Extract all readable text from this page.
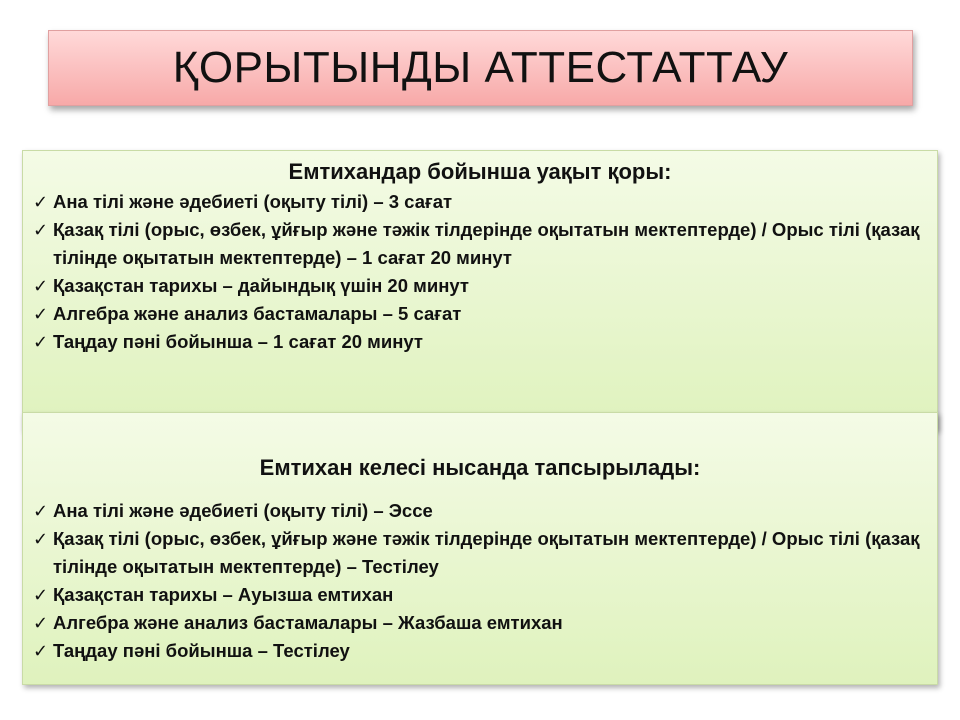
ҚОРЫТЫНДЫ АТТЕСТАТТАУ
Емтихандар бойынша уақыт қоры:
✓ Ана тілі және әдебиеті (оқыту тілі) – 3 сағат
✓ Қазақ тілі (орыс, өзбек, ұйғыр және тәжік тілдерінде оқытатын мектептерде) / Орыс тілі (қазақ тілінде оқытатын мектептерде) – 1 сағат 20 минут
✓ Қазақстан тарихы – дайындық үшін 20 минут
✓ Алгебра және анализ бастамалары – 5 сағат
✓ Таңдау пәні бойынша – 1 сағат 20 минут
Емтихан келесі нысанда тапсырылады:
✓ Ана тілі және әдебиеті (оқыту тілі) – Эссе
✓ Қазақ тілі (орыс, өзбек, ұйғыр және тәжік тілдерінде оқытатын мектептерде) / Орыс тілі (қазақ тілінде оқытатын мектептерде) – Тестілеу
✓ Қазақстан тарихы – Ауызша емтихан
✓ Алгебра және анализ бастамалары – Жазбаша емтихан
✓ Таңдау пәні бойынша – Тестілеу
